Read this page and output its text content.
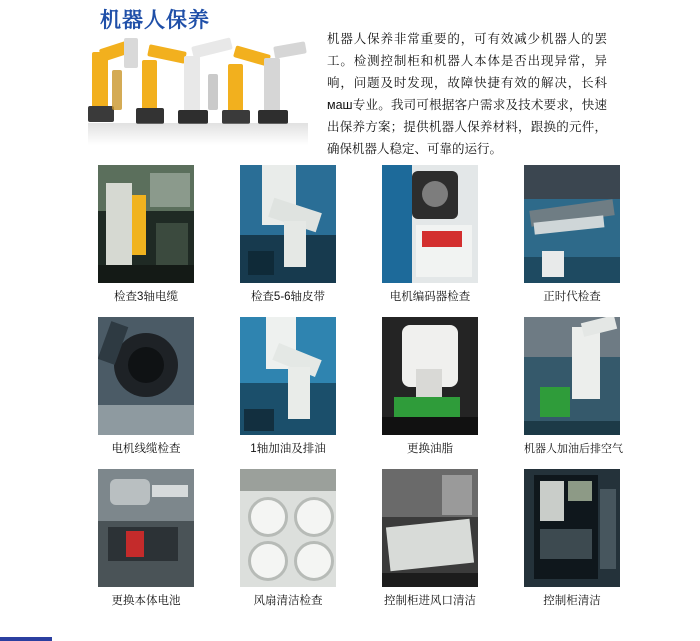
机器人保养
机器人保养非常重要的，可有效减少机器人的罢工。检测控制柜和机器人本体是否出现异常，异响，问题及时发现，故障快捷有效的解决，长科маш专业。我司可根据客户需求及技术要求，快速出保养方案；提供机器人保养材料，跟换的元件，确保机器人稳定、可靠的运行。
检查3轴电缆	检查5-6轴皮带	电机编码器检查	正时代检查
电机线缆检查	1轴加油及排油	更换油脂	机器人加油后排空气
更换本体电池	风扇清洁检查	控制柜进风口清洁	控制柜清洁
